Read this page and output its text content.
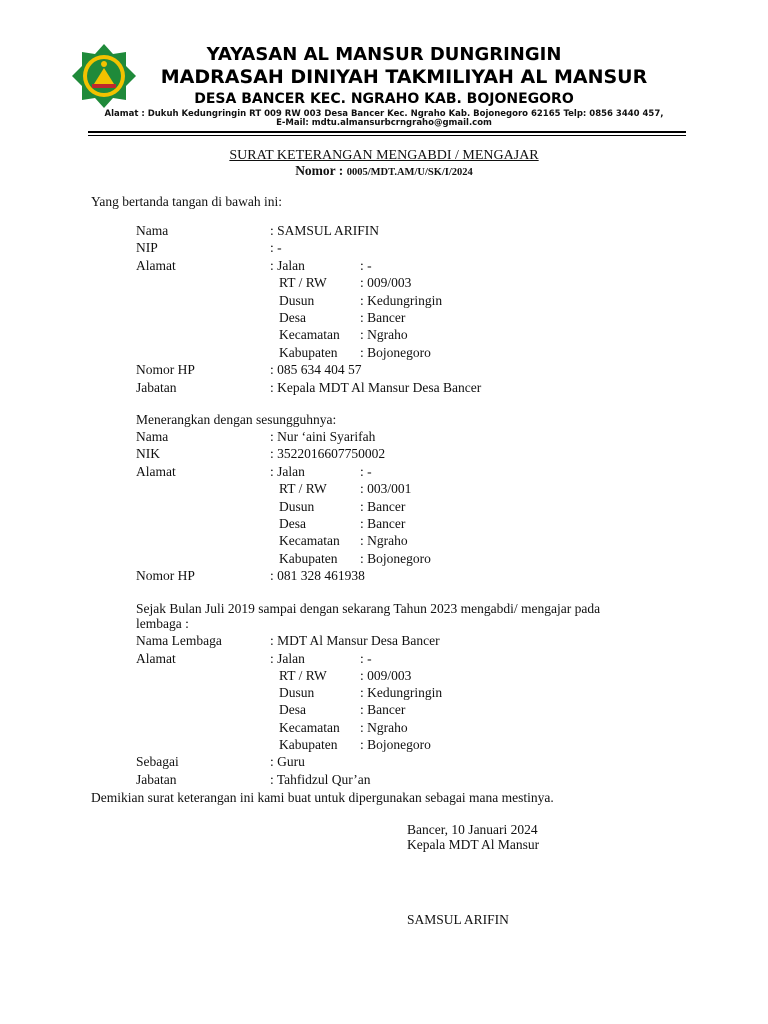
YAYASAN AL MANSUR DUNGRINGIN
MADRASAH DINIYAH TAKMILIYAH AL MANSUR
DESA BANCER KEC. NGRAHO KAB. BOJONEGORO
Alamat : Dukuh Kedungringin RT 009 RW 003 Desa Bancer Kec. Ngraho Kab. Bojonegoro 62165 Telp: 0856 3440 457,
E-Mail: mdtu.almansurbcrngraho@gmail.com
SURAT KETERANGAN MENGABDI / MENGAJAR
Nomor : 0005/MDT.AM/U/SK/I/2024
Yang bertanda tangan di bawah ini:
Nama	: SAMSUL ARIFIN
NIP	: -
Alamat	: Jalan	: -
RT / RW : 009/003
Dusun	: Kedungringin
Desa	: Bancer
Kecamatan : Ngraho
Kabupaten : Bojonegoro
Nomor HP	: 085 634 404 57
Jabatan	: Kepala MDT Al Mansur Desa Bancer
Menerangkan dengan sesungguhnya:
Nama	: Nur ‘aini Syarifah
NIK	: 3522016607750002
Alamat	: Jalan	: -
RT / RW : 003/001
Dusun	: Bancer
Desa	: Bancer
Kecamatan : Ngraho
Kabupaten : Bojonegoro
Nomor HP	: 081 328 461938
Sejak Bulan Juli 2019 sampai dengan sekarang Tahun 2023 mengabdi/ mengajar pada
lembaga :
Nama Lembaga	: MDT Al Mansur Desa Bancer
Alamat	: Jalan	: -
RT / RW : 009/003
Dusun	: Kedungringin
Desa	: Bancer
Kecamatan : Ngraho
Kabupaten : Bojonegoro
Sebagai	: Guru
Jabatan	: Tahfidzul Qur’an
Demikian surat keterangan ini kami buat untuk dipergunakan sebagai mana mestinya.
Bancer, 10 Januari 2024
Kepala MDT Al Mansur
SAMSUL ARIFIN
